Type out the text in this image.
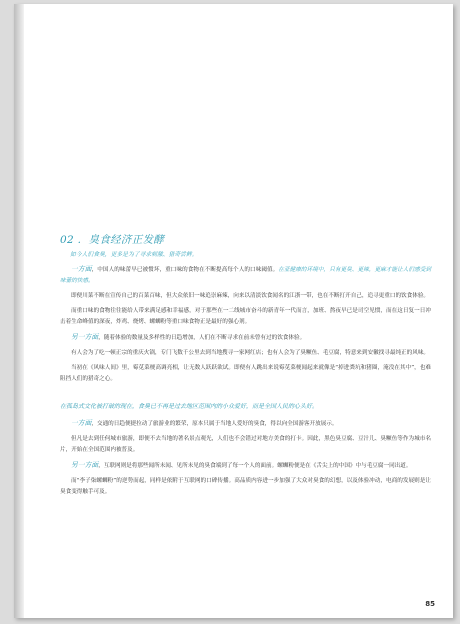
02 .  臭食经济正发酵
如今人们食臭，更多是为了寻求刺激、猎奇尝鲜。

一方面，中国人的味蕾早已被惯坏，重口味的食物在不断提高每个人的口味阈值。在亚健康的环境中，只有更臭、更辣，更麻才能让人们感受到味蕾的快感。

即便川菜不断在宣传自己的百菜百味，但大众依旧一味追崇麻辣，向来以清淡饮食闻名的江浙一带，也在不断打开自己，追寻更重口的饮食体验。

而重口味的食物往往能给人带来满足感和幸福感，对于那些在一二线城市奋斗的新青年一代而言，加班、熬夜早已是司空见惯，而在这日复一日冲击着生命峰值的深夜，炸鸡、烧烤、螺蛳粉等重口味食物正是最好的强心剂。

另一方面，随着体验的数量及多样性的日趋增加，人们在不断寻求在前未曾有过的饮食体验。

有人会为了吃一顿正宗的重庆火锅，专门飞数千公里去到当地搜寻一家网红店；也有人会为了臭鳜鱼、毛豆腐，特意来到安徽找寻最纯正的风味。

当初在《风味人间》里，霉苋菜梗高调亮相，让无数人跃跃欲试。即便有人跳出来说霉苋菜梗闻起来就像是“掉进粪坑和猪圈，淹没在其中”，也难阻挡人们的猎奇之心。

在孤岛式文化被打破的现在，食臭已不再是过去地区范围内的小众爱好，而是全国人民的心头好。

一方面，交通的日趋便捷拉动了旅游业的繁荣，原本只属于当地人爱好的臭食，得以向全国游客开放展示。

但凡是去到任何城市旅游，即便不去当地的著名景点观光，人们也不会错过对地方美食的打卡。因此，黑色臭豆腐、豆汁儿、臭鳜鱼等作为城市名片，开始在全国范围内被普及。

另一方面，互联网则是将那些闻所未闻、见所未见的臭食端到了每一个人的面前。螺蛳粉便是在《舌尖上的中国》中与毛豆腐一同出道。

而“李子柒螺蛳粉”的逆势而起，同样是依附于互联网的口碑传播。高品质内容进一步加强了大众对臭食的幻想，以及体验冲动，电商的发展则是让臭食变得触手可及。

85
